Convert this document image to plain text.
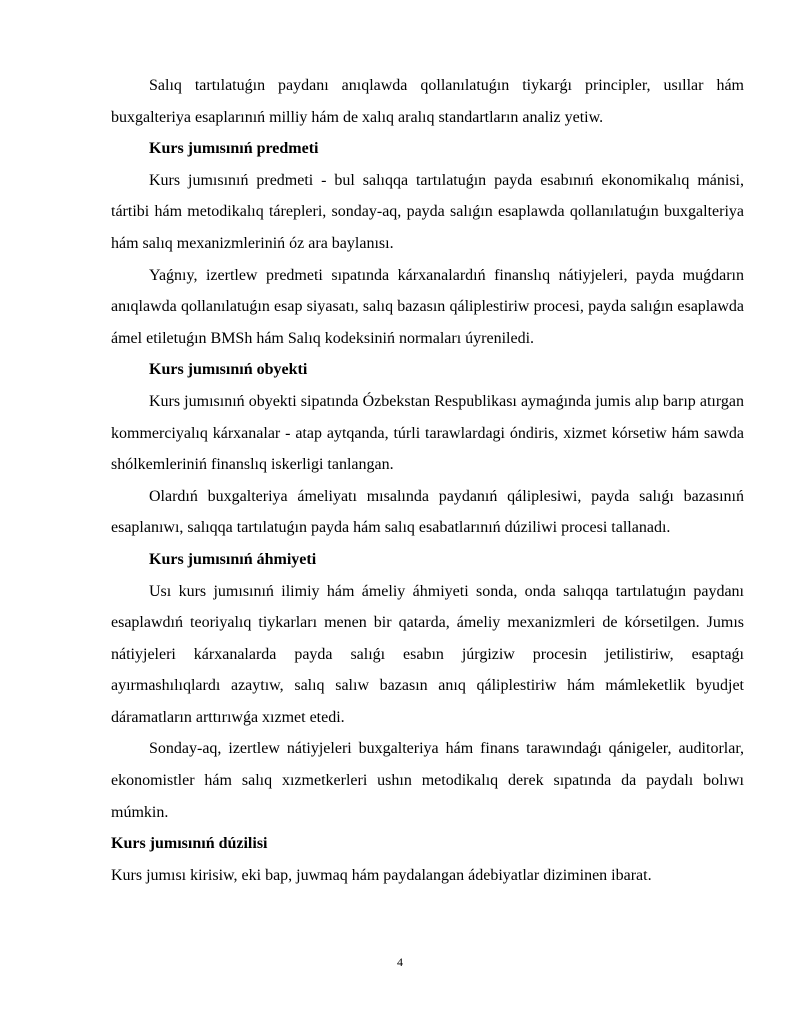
Salıq tartılatuǵın paydanı anıqlawda qollanılatuǵın tiykarǵı principler, usıllar hám buxgalteriya esaplarınıń milliy hám de xalıq aralıq standartların analiz yetiw.

Kurs jumısınıń predmeti

Kurs jumısınıń predmeti - bul salıqqa tartılatuǵın payda esabınıń ekonomikalıq mánisi, tártibi hám metodikalıq tárepleri, sonday-aq, payda salıǵın esaplawda qollanılatuǵın buxgalteriya hám salıq mexanizmleriniń óz ara baylanısı.

Yaǵnıy, izertlew predmeti sıpatında kárxanalardıń finanslıq nátiyjeleri, payda muǵdarın anıqlawda qollanılatuǵın esap siyasatı, salıq bazasın qáliplestiriw procesi, payda salıǵın esaplawda ámel etiletuǵın BMSh hám Salıq kodeksiniń normaları úyreniledi.

Kurs jumısınıń obyekti

Kurs jumısınıń obyekti sipatında Ózbekstan Respublikası aymaǵında jumis alıp barıp atırgan kommerciyalıq kárxanalar - atap aytqanda, túrli tarawlardagi óndiris, xizmet kórsetiw hám sawda shólkemleriniń finanslıq iskerligi tanlangan.

Olardıń buxgalteriya ámeliyatı mısalında paydanıń qáliplesiwi, payda salıǵı bazasınıń esaplanıwı, salıqqa tartılatuǵın payda hám salıq esabatlarınıń dúziliwi procesi tallanadı.

Kurs jumısınıń áhmiyeti

Usı kurs jumısınıń ilimiy hám ámeliy áhmiyeti sonda, onda salıqqa tartılatuǵın paydanı esaplawdıń teoriyalıq tiykarları menen bir qatarda, ámeliy mexanizmleri de kórsetilgen. Jumıs nátiyjeleri kárxanalarda payda salıǵı esabın júrgiziw procesin jetilistiriw, esaptaǵı ayırmashılıqlardı azaytıw, salıq salıw bazasın anıq qáliplestiriw hám mámleketlik byudjet dáramatların arttırıwǵa xızmet etedi.

Sonday-aq, izertlew nátiyjeleri buxgalteriya hám finans tarawındaǵı qánigeler, auditorlar, ekonomistler hám salıq xızmetkerleri ushın metodikalıq derek sıpatında da paydalı bolıwı múmkin.

Kurs jumısınıń dúzilisi

Kurs jumısı kirisiw, eki bap, juwmaq hám paydalangan ádebiyatlar diziminen ibarat.

4
